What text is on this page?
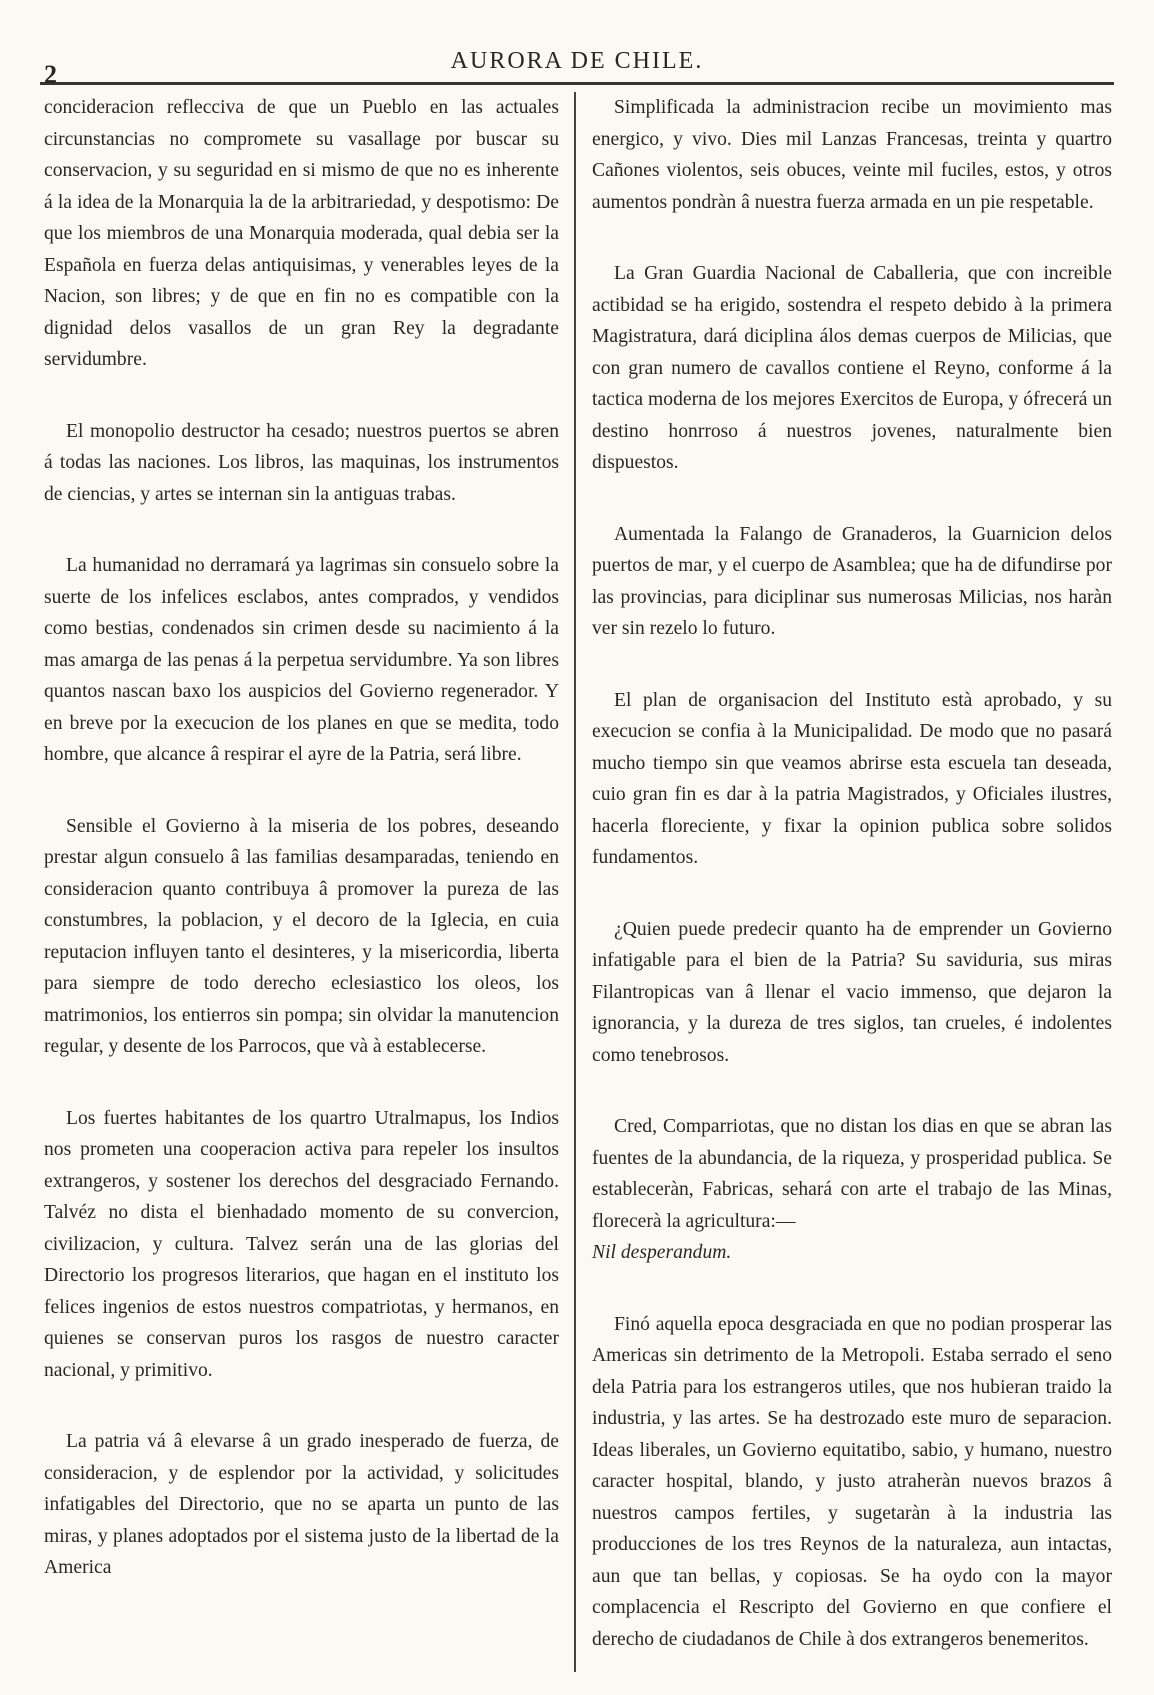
2	AURORA DE CHILE.

concideracion reflecciva de que un Pueblo en las actuales circunstancias no compromete su vasallage por buscar su conservacion, y su seguridad en si mismo de que no es inherente á la idea de la Monarquia la de la arbitrariedad, y despotismo: De que los miembros de una Monarquia moderada, qual debia ser la Española en fuerza delas antiquisimas, y venerables leyes de la Nacion, son libres; y de que en fin no es compatible con la dignidad delos vasallos de un gran Rey la degradante servidumbre.

El monopolio destructor ha cesado; nuestros puertos se abren á todas las naciones. Los libros, las maquinas, los instrumentos de ciencias, y artes se internan sin la antiguas trabas.

La humanidad no derramará ya lagrimas sin consuelo sobre la suerte de los infelices esclabos, antes comprados, y vendidos como bestias, condenados sin crimen desde su nacimiento á la mas amarga de las penas á la perpetua servidumbre. Ya son libres quantos nascan baxo los auspicios del Govierno regenerador. Y en breve por la execucion de los planes en que se medita, todo hombre, que alcance â respirar el ayre de la Patria, será libre.

Sensible el Govierno à la miseria de los pobres, deseando prestar algun consuelo â las familias desamparadas, teniendo en consideracion quanto contribuya â promover la pureza de las constumbres, la poblacion, y el decoro de la Iglecia, en cuia reputacion influyen tanto el desinteres, y la misericordia, liberta para siempre de todo derecho eclesiastico los oleos, los matrimonios, los entierros sin pompa; sin olvidar la manutencion regular, y desente de los Parrocos, que và à establecerse.

Los fuertes habitantes de los quartro Utralmapus, los Indios nos prometen una cooperacion activa para repeler los insultos extrangeros, y sostener los derechos del desgraciado Fernando. Talvéz no dista el bienhadado momento de su convercion, civilizacion, y cultura. Talvez serán una de las glorias del Directorio los progresos literarios, que hagan en el instituto los felices ingenios de estos nuestros compatriotas, y hermanos, en quienes se conservan puros los rasgos de nuestro caracter nacional, y primitivo.

La patria vá â elevarse â un grado inesperado de fuerza, de consideracion, y de esplendor por la actividad, y solicitudes infatigables del Directorio, que no se aparta un punto de las miras, y planes adoptados por el sistema justo de la libertad de la America

Simplificada la administracion recibe un movimiento mas energico, y vivo. Dies mil Lanzas Francesas, treinta y quartro Cañones violentos, seis obuces, veinte mil fuciles, estos, y otros aumentos pondràn â nuestra fuerza armada en un pie respetable.

La Gran Guardia Nacional de Caballeria, que con increible actibidad se ha erigido, sostendra el respeto debido à la primera Magistratura, dará diciplina álos demas cuerpos de Milicias, que con gran numero de cavallos contiene el Reyno, conforme á la tactica moderna de los mejores Exercitos de Europa, y ófrecerá un destino honrroso á nuestros jovenes, naturalmente bien dispuestos.

Aumentada la Falango de Granaderos, la Guarnicion delos puertos de mar, y el cuerpo de Asamblea; que ha de difundirse por las provincias, para diciplinar sus numerosas Milicias, nos haràn ver sin rezelo lo futuro.

El plan de organisacion del Instituto està aprobado, y su execucion se confia à la Municipalidad. De modo que no pasará mucho tiempo sin que veamos abrirse esta escuela tan deseada, cuio gran fin es dar à la patria Magistrados, y Oficiales ilustres, hacerla floreciente, y fixar la opinion publica sobre solidos fundamentos.

¿Quien puede predecir quanto ha de emprender un Govierno infatigable para el bien de la Patria? Su saviduria, sus miras Filantropicas van â llenar el vacio immenso, que dejaron la ignorancia, y la dureza de tres siglos, tan crueles, é indolentes como tenebrosos.

Cred, Comparriotas, que no distan los dias en que se abran las fuentes de la abundancia, de la riqueza, y prosperidad publica. Se estableceràn, Fabricas, sehará con arte el trabajo de las Minas, florecerà la agricultura:—

Nil desperandum.

Finó aquella epoca desgraciada en que no podian prosperar las Americas sin detrimento de la Metropoli. Estaba serrado el seno dela Patria para los estrangeros utiles, que nos hubieran traido la industria, y las artes. Se ha destrozado este muro de separacion. Ideas liberales, un Govierno equitatibo, sabio, y humano, nuestro caracter hospital, blando, y justo atraheràn nuevos brazos â nuestros campos fertiles, y sugetaràn à la industria las producciones de los tres Reynos de la naturaleza, aun intactas, aun que tan bellas, y copiosas. Se ha oydo con la mayor complacencia el Rescripto del Govierno en que confiere el derecho de ciudadanos de Chile à dos extrangeros benemeritos.
